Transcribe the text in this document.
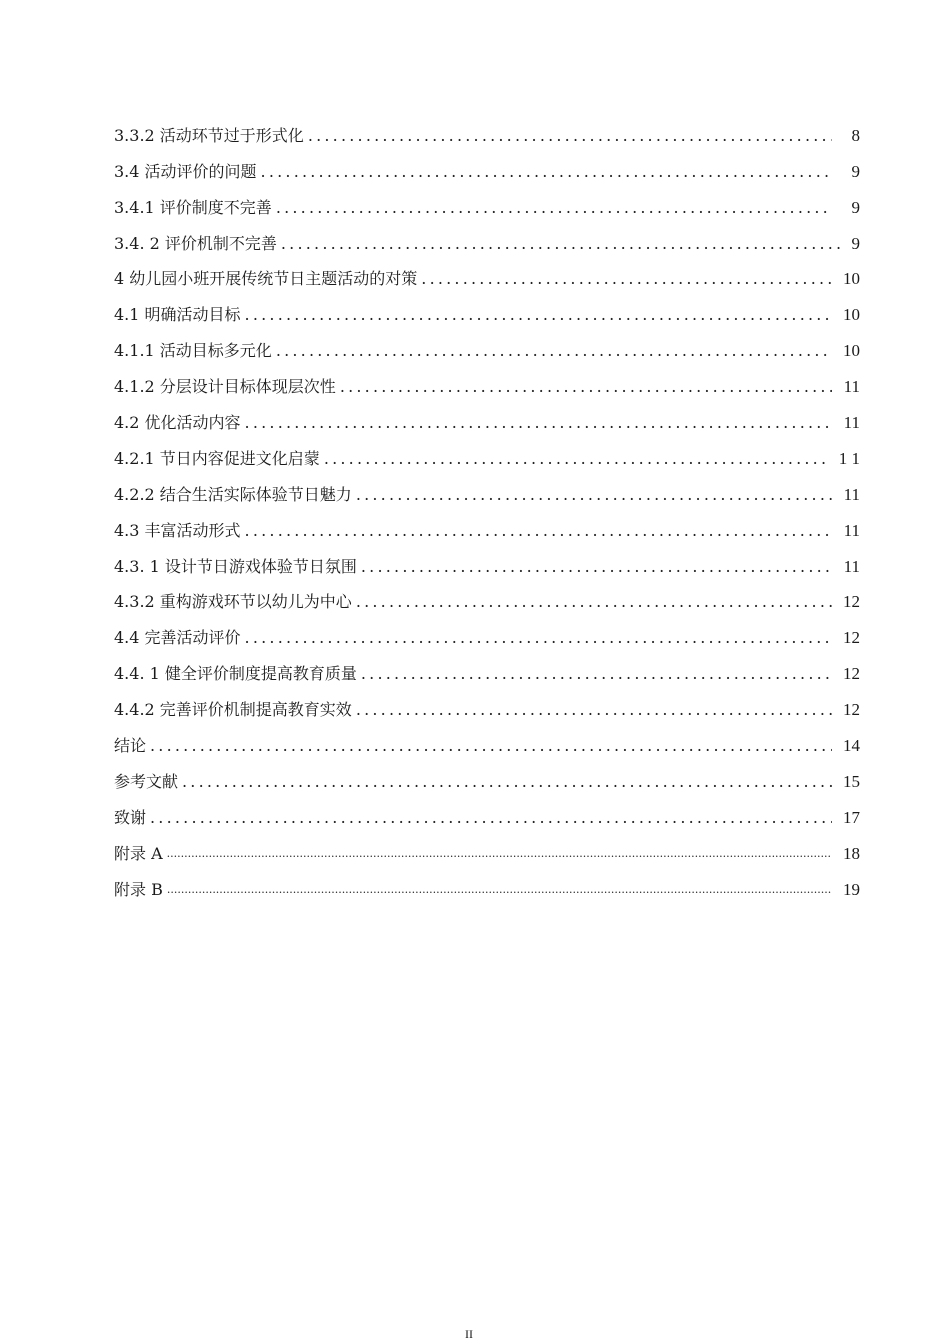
3.3.2 活动环节过于形式化 .....	8
3.4 活动评价的问题 .....	9
3.4.1 评价制度不完善 .....	9
3.4. 2 评价机制不完善 .....	9
4 幼儿园小班开展传统节日主题活动的对策 .....	10
4.1 明确活动目标 .....	10
4.1.1 活动目标多元化 .....	10
4.1.2 分层设计目标体现层次性 .....	11
4.2 优化活动内容 .....	11
4.2.1 节日内容促进文化启蒙 .....	1 1
4.2.2 结合生活实际体验节日魅力 .....	11
4.3 丰富活动形式 .....	11
4.3. 1 设计节日游戏体验节日氛围 .....	11
4.3.2 重构游戏环节以幼儿为中心 .....	12
4.4 完善活动评价 .....	12
4.4. 1 健全评价制度提高教育质量 .....	12
4.4.2 完善评价机制提高教育实效 .....	12
结论 .....	14
参考文献 .....	15
致谢 .....	17
附录 A .....	18
附录 B .....	19
II
